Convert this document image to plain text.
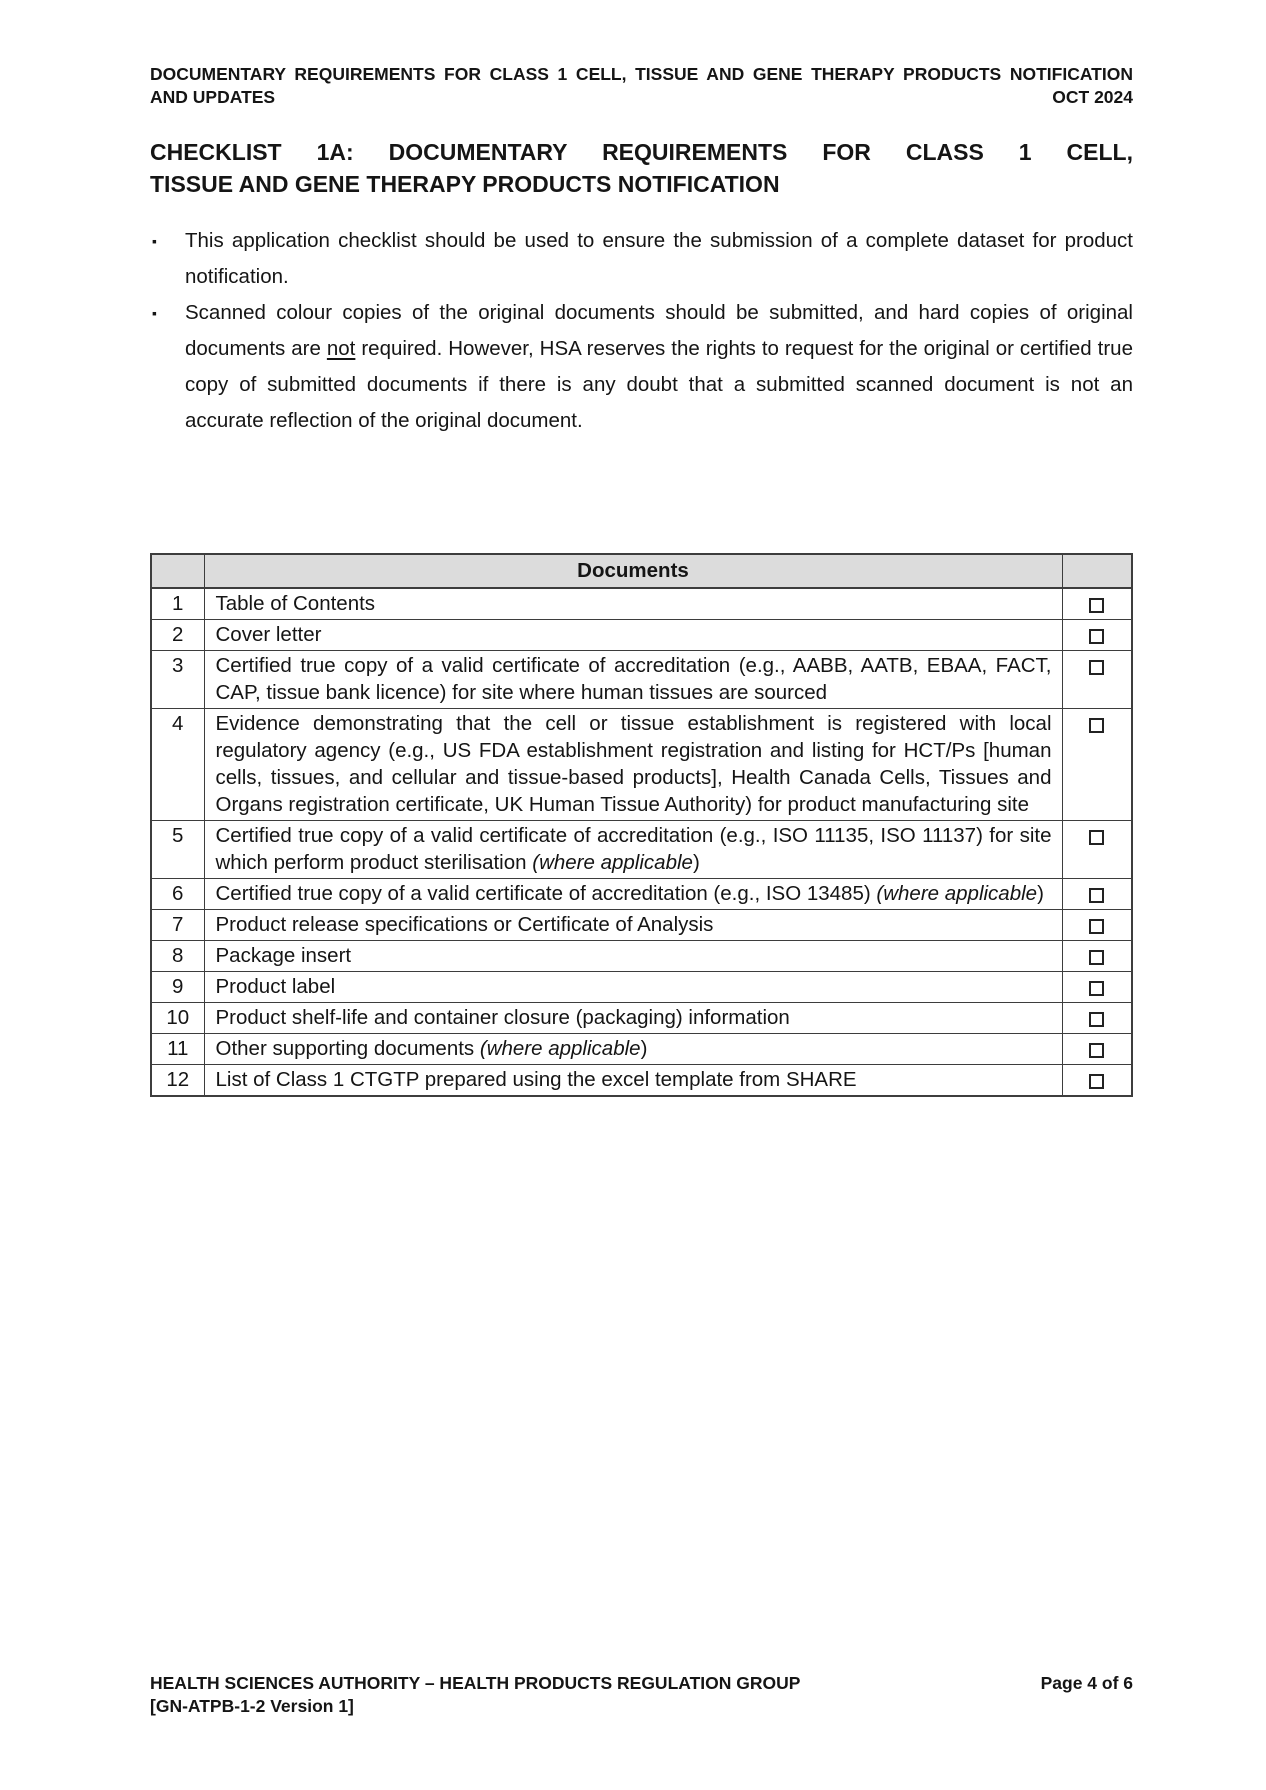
DOCUMENTARY REQUIREMENTS FOR CLASS 1 CELL, TISSUE AND GENE THERAPY PRODUCTS NOTIFICATION
AND UPDATES	OCT 2024
CHECKLIST 1A: DOCUMENTARY REQUIREMENTS FOR CLASS 1 CELL,
TISSUE AND GENE THERAPY PRODUCTS NOTIFICATION
▪ This application checklist should be used to ensure the submission of a complete dataset for product notification.
▪ Scanned colour copies of the original documents should be submitted, and hard copies of original documents are not required. However, HSA reserves the rights to request for the original or certified true copy of submitted documents if there is any doubt that a submitted scanned document is not an accurate reflection of the original document.
	Documents	
1	Table of Contents	
2	Cover letter	
3	Certified true copy of a valid certificate of accreditation (e.g., AABB, AATB, EBAA, FACT, CAP, tissue bank licence) for site where human tissues are sourced	
4	Evidence demonstrating that the cell or tissue establishment is registered with local regulatory agency (e.g., US FDA establishment registration and listing for HCT/Ps [human cells, tissues, and cellular and tissue-based products], Health Canada Cells, Tissues and Organs registration certificate, UK Human Tissue Authority) for product manufacturing site	
5	Certified true copy of a valid certificate of accreditation (e.g., ISO 11135, ISO 11137) for site which perform product sterilisation (where applicable)	
6	Certified true copy of a valid certificate of accreditation (e.g., ISO 13485) (where applicable)	
7	Product release specifications or Certificate of Analysis	
8	Package insert	
9	Product label	
10	Product shelf-life and container closure (packaging) information	
11	Other supporting documents (where applicable)	
12	List of Class 1 CTGTP prepared using the excel template from SHARE	
HEALTH SCIENCES AUTHORITY – HEALTH PRODUCTS REGULATION GROUP	Page 4 of 6
[GN-ATPB-1-2 Version 1]
